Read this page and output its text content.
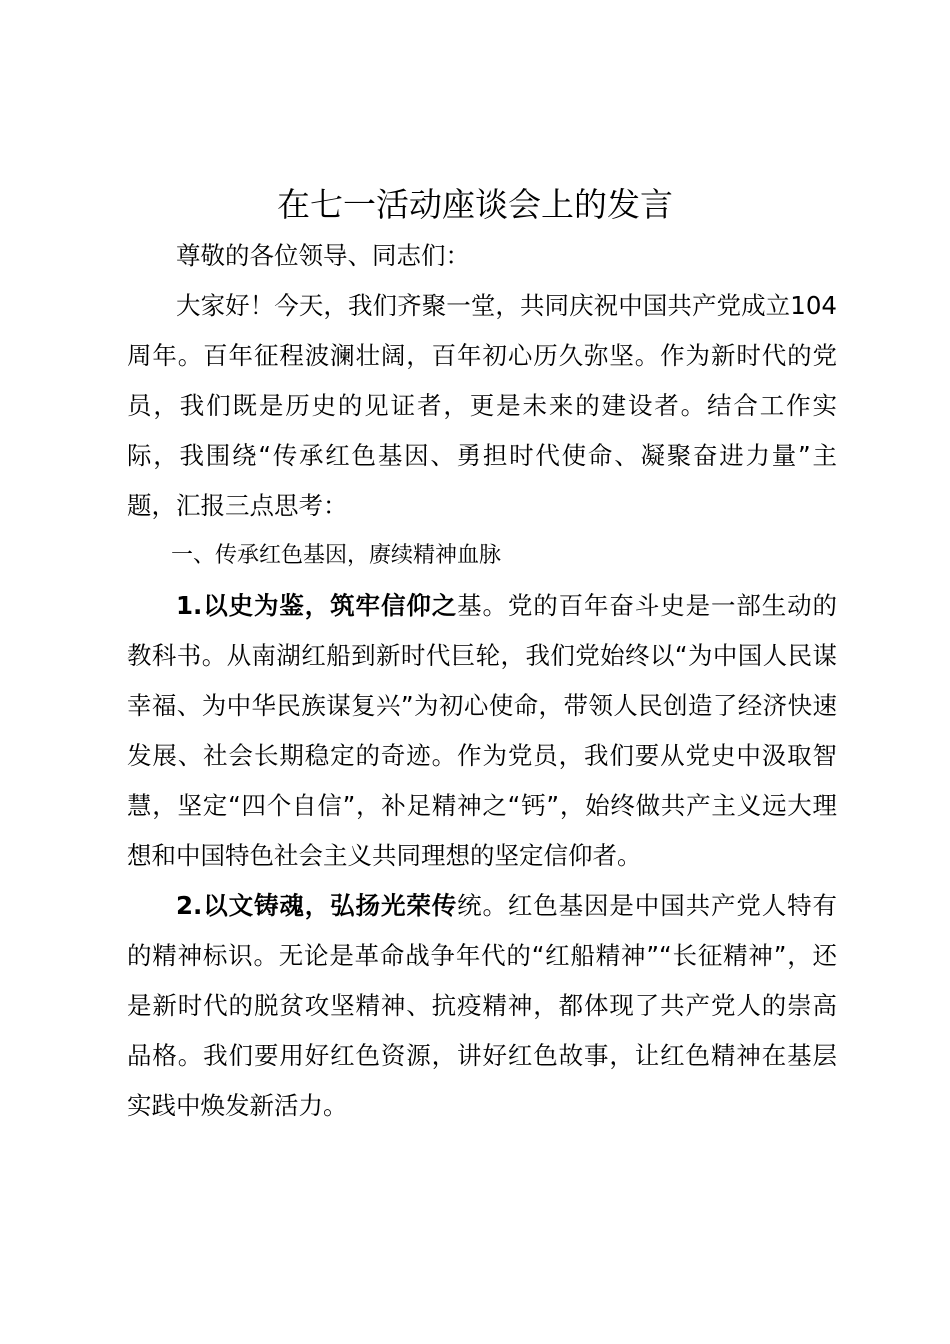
在七一活动座谈会上的发言

尊敬的各位领导、同志们：

大家好！今天，我们齐聚一堂，共同庆祝中国共产党成立104周年。百年征程波澜壮阔，百年初心历久弥坚。作为新时代的党员，我们既是历史的见证者，更是未来的建设者。结合工作实际，我围绕“传承红色基因、勇担时代使命、凝聚奋进力量”主题，汇报三点思考：

一、传承红色基因，赓续精神血脉

1.以史为鉴，筑牢信仰之基。党的百年奋斗史是一部生动的教科书。从南湖红船到新时代巨轮，我们党始终以“为中国人民谋幸福、为中华民族谋复兴”为初心使命，带领人民创造了经济快速发展、社会长期稳定的奇迹。作为党员，我们要从党史中汲取智慧，坚定“四个自信”，补足精神之“钙”，始终做共产主义远大理想和中国特色社会主义共同理想的坚定信仰者。

2.以文铸魂，弘扬光荣传统。红色基因是中国共产党人特有的精神标识。无论是革命战争年代的“红船精神”“长征精神”，还是新时代的脱贫攻坚精神、抗疫精神，都体现了共产党人的崇高品格。我们要用好红色资源，讲好红色故事，让红色精神在基层实践中焕发新活力。
